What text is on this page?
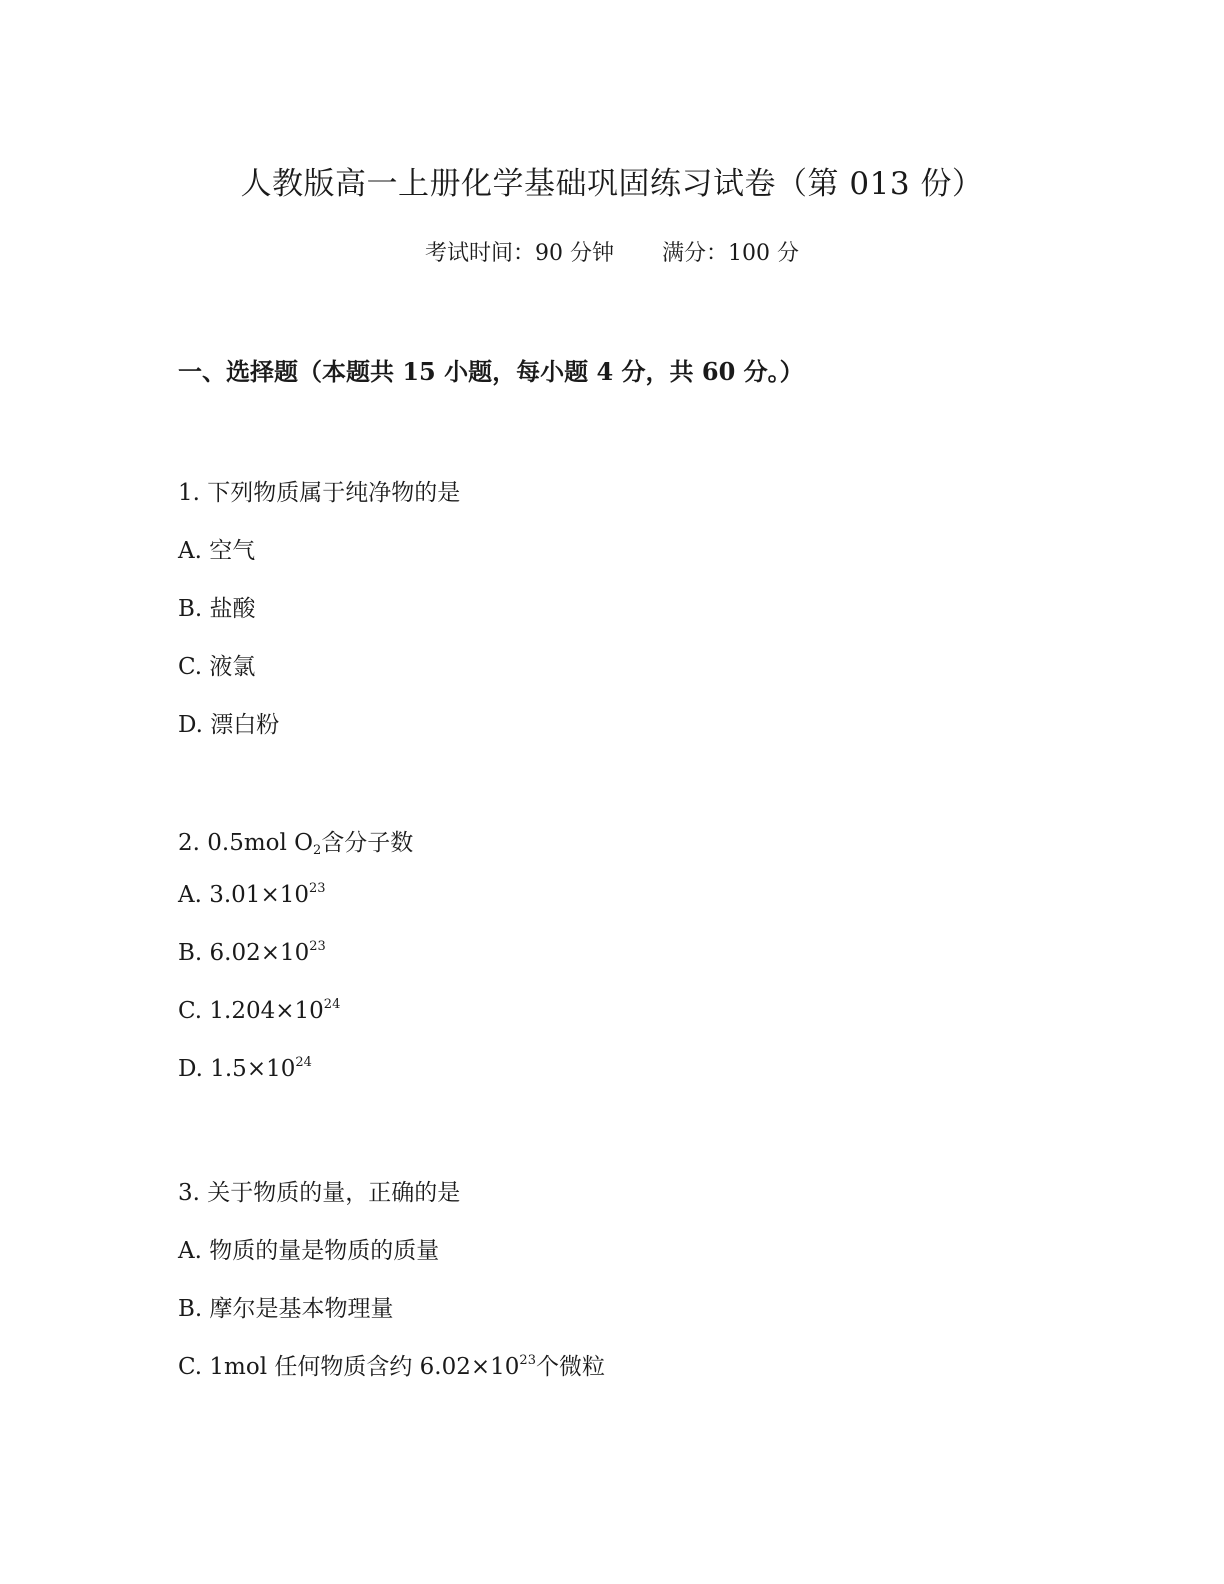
人教版高一上册化学基础巩固练习试卷（第 013 份）
考试时间：90 分钟 满分：100 分
一、选择题（本题共 15 小题，每小题 4 分，共 60 分。）
1. 下列物质属于纯净物的是
A. 空气
B. 盐酸
C. 液氯
D. 漂白粉
2. 0.5mol $O_2$含分子数
A. $3.01\times 10^{23}$
B. $6.02\times 10^{23}$
C. $1.204\times 10^{24}$
D. $1.5\times 10^{24}$
3. 关于物质的量，正确的是
A. 物质的量是物质的质量
B. 摩尔是基本物理量
C. 1mol 任何物质含约 $6.02\times 10^{23}$个微粒
